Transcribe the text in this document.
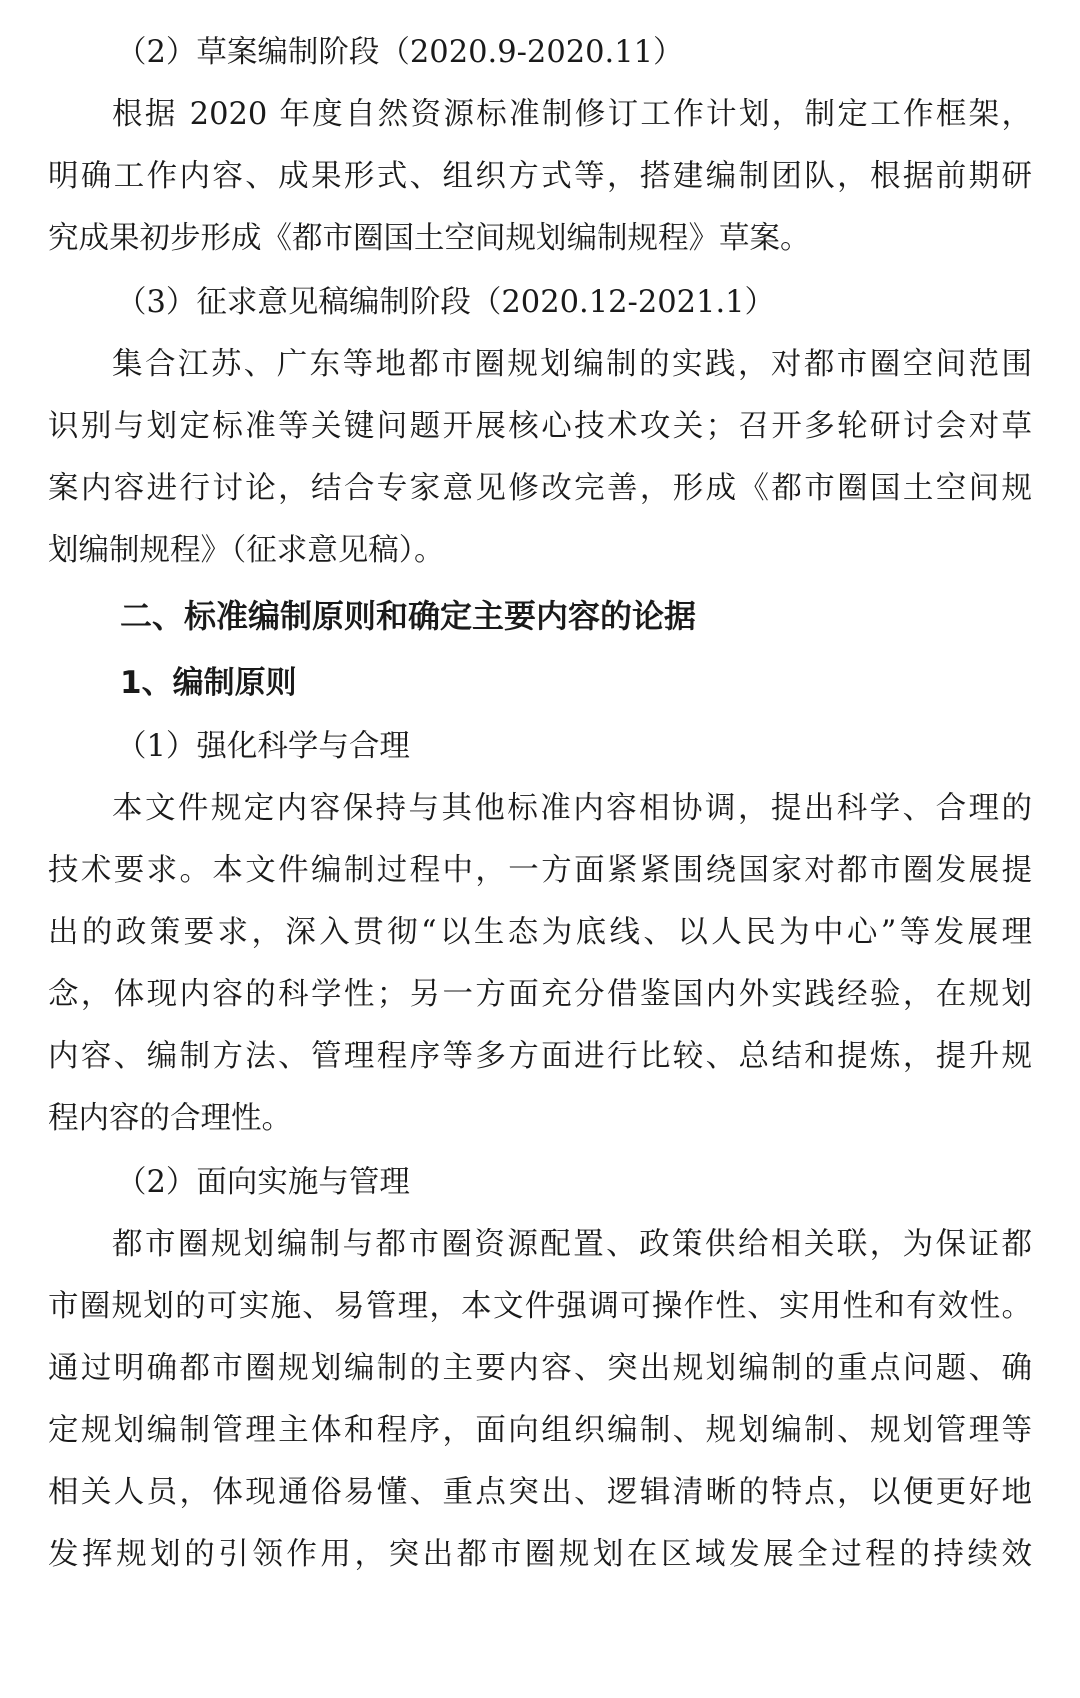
（2）草案编制阶段（2020.9-2020.11）
根据 2020 年度自然资源标准制修订工作计划，制定工作框架，
明确工作内容、成果形式、组织方式等，搭建编制团队，根据前期研
究成果初步形成《都市圈国土空间规划编制规程》草案。
（3）征求意见稿编制阶段（2020.12-2021.1）
集合江苏、广东等地都市圈规划编制的实践，对都市圈空间范围
识别与划定标准等关键问题开展核心技术攻关；召开多轮研讨会对草
案内容进行讨论，结合专家意见修改完善，形成《都市圈国土空间规
划编制规程》（征求意见稿）。
二、标准编制原则和确定主要内容的论据
1、编制原则
（1）强化科学与合理
本文件规定内容保持与其他标准内容相协调，提出科学、合理的
技术要求。本文件编制过程中，一方面紧紧围绕国家对都市圈发展提
出的政策要求，深入贯彻“以生态为底线、以人民为中心”等发展理
念，体现内容的科学性；另一方面充分借鉴国内外实践经验，在规划
内容、编制方法、管理程序等多方面进行比较、总结和提炼，提升规
程内容的合理性。
（2）面向实施与管理
都市圈规划编制与都市圈资源配置、政策供给相关联，为保证都
市圈规划的可实施、易管理，本文件强调可操作性、实用性和有效性。
通过明确都市圈规划编制的主要内容、突出规划编制的重点问题、确
定规划编制管理主体和程序，面向组织编制、规划编制、规划管理等
相关人员，体现通俗易懂、重点突出、逻辑清晰的特点，以便更好地
发挥规划的引领作用，突出都市圈规划在区域发展全过程的持续效
